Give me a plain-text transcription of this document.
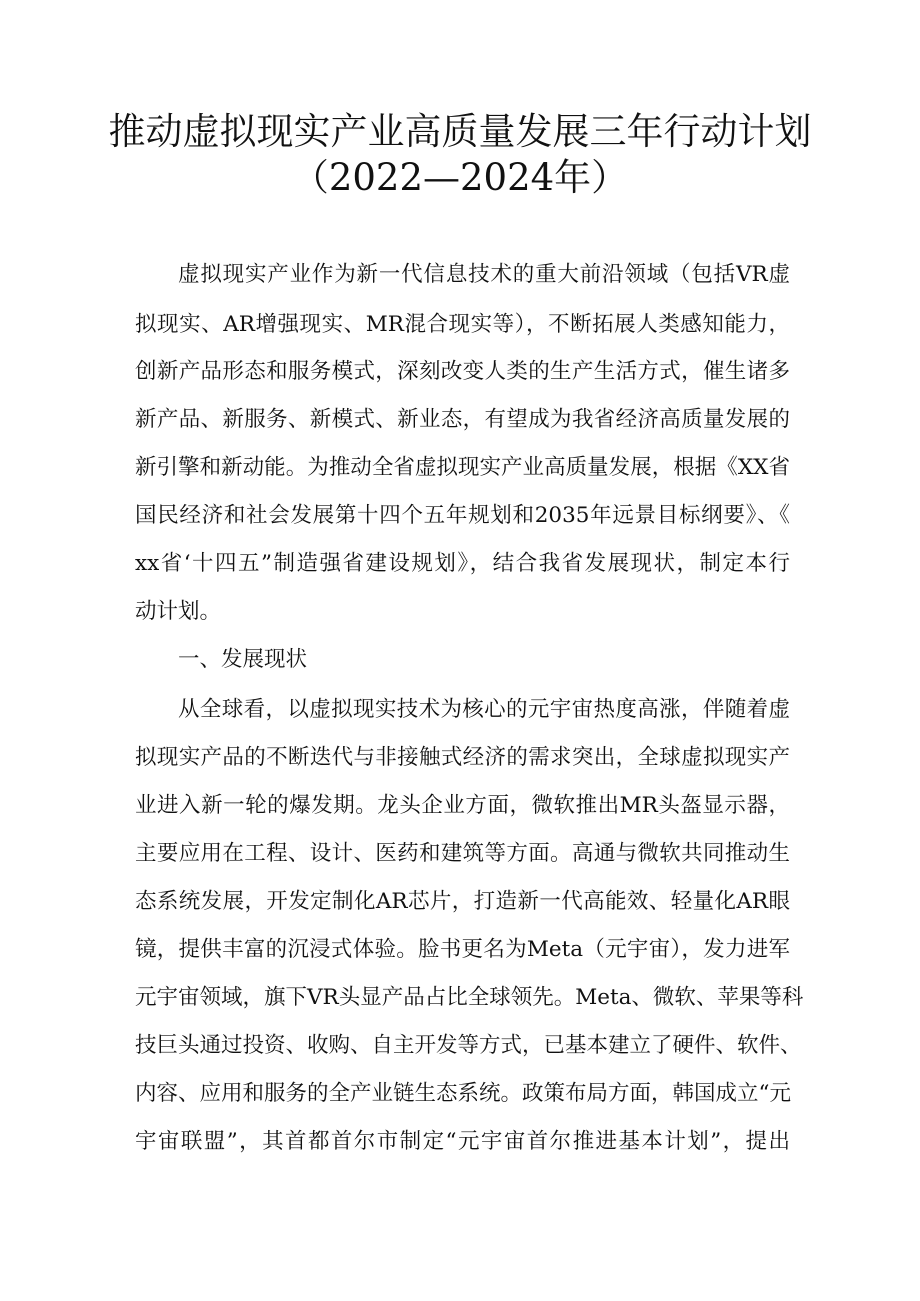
推动虚拟现实产业高质量发展三年行动计划
（2022—2024年）

虚拟现实产业作为新一代信息技术的重大前沿领域（包括VR虚

拟现实、AR增强现实、MR混合现实等），不断拓展人类感知能力，

创新产品形态和服务模式，深刻改变人类的生产生活方式，催生诸多

新产品、新服务、新模式、新业态，有望成为我省经济高质量发展的

新引擎和新动能。为推动全省虚拟现实产业高质量发展，根据《XX省

国民经济和社会发展第十四个五年规划和2035年远景目标纲要》、《

xx省‘十四五”制造强省建设规划》，结合我省发展现状，制定本行

动计划。

一、发展现状

从全球看，以虚拟现实技术为核心的元宇宙热度高涨，伴随着虚

拟现实产品的不断迭代与非接触式经济的需求突出，全球虚拟现实产

业进入新一轮的爆发期。龙头企业方面，微软推出MR头盔显示器，

主要应用在工程、设计、医药和建筑等方面。高通与微软共同推动生

态系统发展，开发定制化AR芯片，打造新一代高能效、轻量化AR眼

镜，提供丰富的沉浸式体验。脸书更名为Meta（元宇宙），发力进军

元宇宙领域，旗下VR头显产品占比全球领先。Meta、微软、苹果等科

技巨头通过投资、收购、自主开发等方式，已基本建立了硬件、软件、

内容、应用和服务的全产业链生态系统。政策布局方面，韩国成立“元

宇宙联盟”，其首都首尔市制定“元宇宙首尔推进基本计划”，提出
